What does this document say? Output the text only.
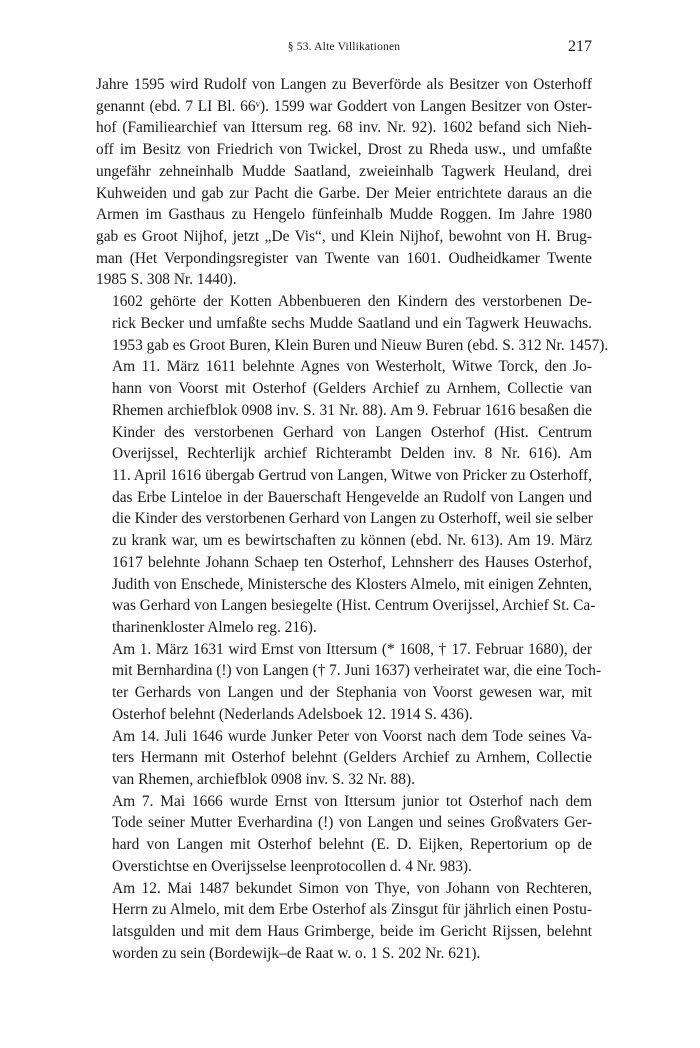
§ 53. Alte Villikationen	217

Jahre 1595 wird Rudolf von Langen zu Beverförde als Besitzer von Osterhoff
genannt (ebd. 7 LI Bl. 66ᵛ). 1599 war Goddert von Langen Besitzer von Oster-
hof (Familiearchief van Ittersum reg. 68 inv. Nr. 92). 1602 befand sich Nieh-
off im Besitz von Friedrich von Twickel, Drost zu Rheda usw., und umfaßte
ungefähr zehneinhalb Mudde Saatland, zweieinhalb Tagwerk Heuland, drei
Kuhweiden und gab zur Pacht die Garbe. Der Meier entrichtete daraus an die
Armen im Gasthaus zu Hengelo fünfeinhalb Mudde Roggen. Im Jahre 1980
gab es Groot Nijhof, jetzt „De Vis“, und Klein Nijhof, bewohnt von H. Brug-
man (Het Verpondingsregister van Twente van 1601. Oudheidkamer Twente
1985 S. 308 Nr. 1440).

1602 gehörte der Kotten Abbenbueren den Kindern des verstorbenen De-
rick Becker und umfaßte sechs Mudde Saatland und ein Tagwerk Heuwachs.
1953 gab es Groot Buren, Klein Buren und Nieuw Buren (ebd. S. 312 Nr. 1457).

Am 11. März 1611 belehnte Agnes von Westerholt, Witwe Torck, den Jo-
hann von Voorst mit Osterhof (Gelders Archief zu Arnhem, Collectie van
Rhemen archiefblok 0908 inv. S. 31 Nr. 88). Am 9. Februar 1616 besaßen die
Kinder des verstorbenen Gerhard von Langen Osterhof (Hist. Centrum
Overijssel, Rechterlijk archief Richterambt Delden inv. 8 Nr. 616). Am
11. April 1616 übergab Gertrud von Langen, Witwe von Pricker zu Osterhoff,
das Erbe Linteloe in der Bauerschaft Hengevelde an Rudolf von Langen und
die Kinder des verstorbenen Gerhard von Langen zu Osterhoff, weil sie selber
zu krank war, um es bewirtschaften zu können (ebd. Nr. 613). Am 19. März
1617 belehnte Johann Schaep ten Osterhof, Lehnsherr des Hauses Osterhof,
Judith von Enschede, Ministersche des Klosters Almelo, mit einigen Zehnten,
was Gerhard von Langen besiegelte (Hist. Centrum Overijssel, Archief St. Ca-
tharinenkloster Almelo reg. 216).

Am 1. März 1631 wird Ernst von Ittersum (* 1608, † 17. Februar 1680), der
mit Bernhardina (!) von Langen († 7. Juni 1637) verheiratet war, die eine Toch-
ter Gerhards von Langen und der Stephania von Voorst gewesen war, mit
Osterhof belehnt (Nederlands Adelsboek 12. 1914 S. 436).

Am 14. Juli 1646 wurde Junker Peter von Voorst nach dem Tode seines Va-
ters Hermann mit Osterhof belehnt (Gelders Archief zu Arnhem, Collectie
van Rhemen, archiefblok 0908 inv. S. 32 Nr. 88).

Am 7. Mai 1666 wurde Ernst von Ittersum junior tot Osterhof nach dem
Tode seiner Mutter Everhardina (!) von Langen und seines Großvaters Ger-
hard von Langen mit Osterhof belehnt (E. D. Eijken, Repertorium op de
Overstichtse en Overijsselse leenprotocollen d. 4 Nr. 983).

Am 12. Mai 1487 bekundet Simon von Thye, von Johann von Rechteren,
Herrn zu Almelo, mit dem Erbe Osterhof als Zinsgut für jährlich einen Postu-
latsgulden und mit dem Haus Grimberge, beide im Gericht Rijssen, belehnt
worden zu sein (Bordewijk–de Raat w. o. 1 S. 202 Nr. 621).
